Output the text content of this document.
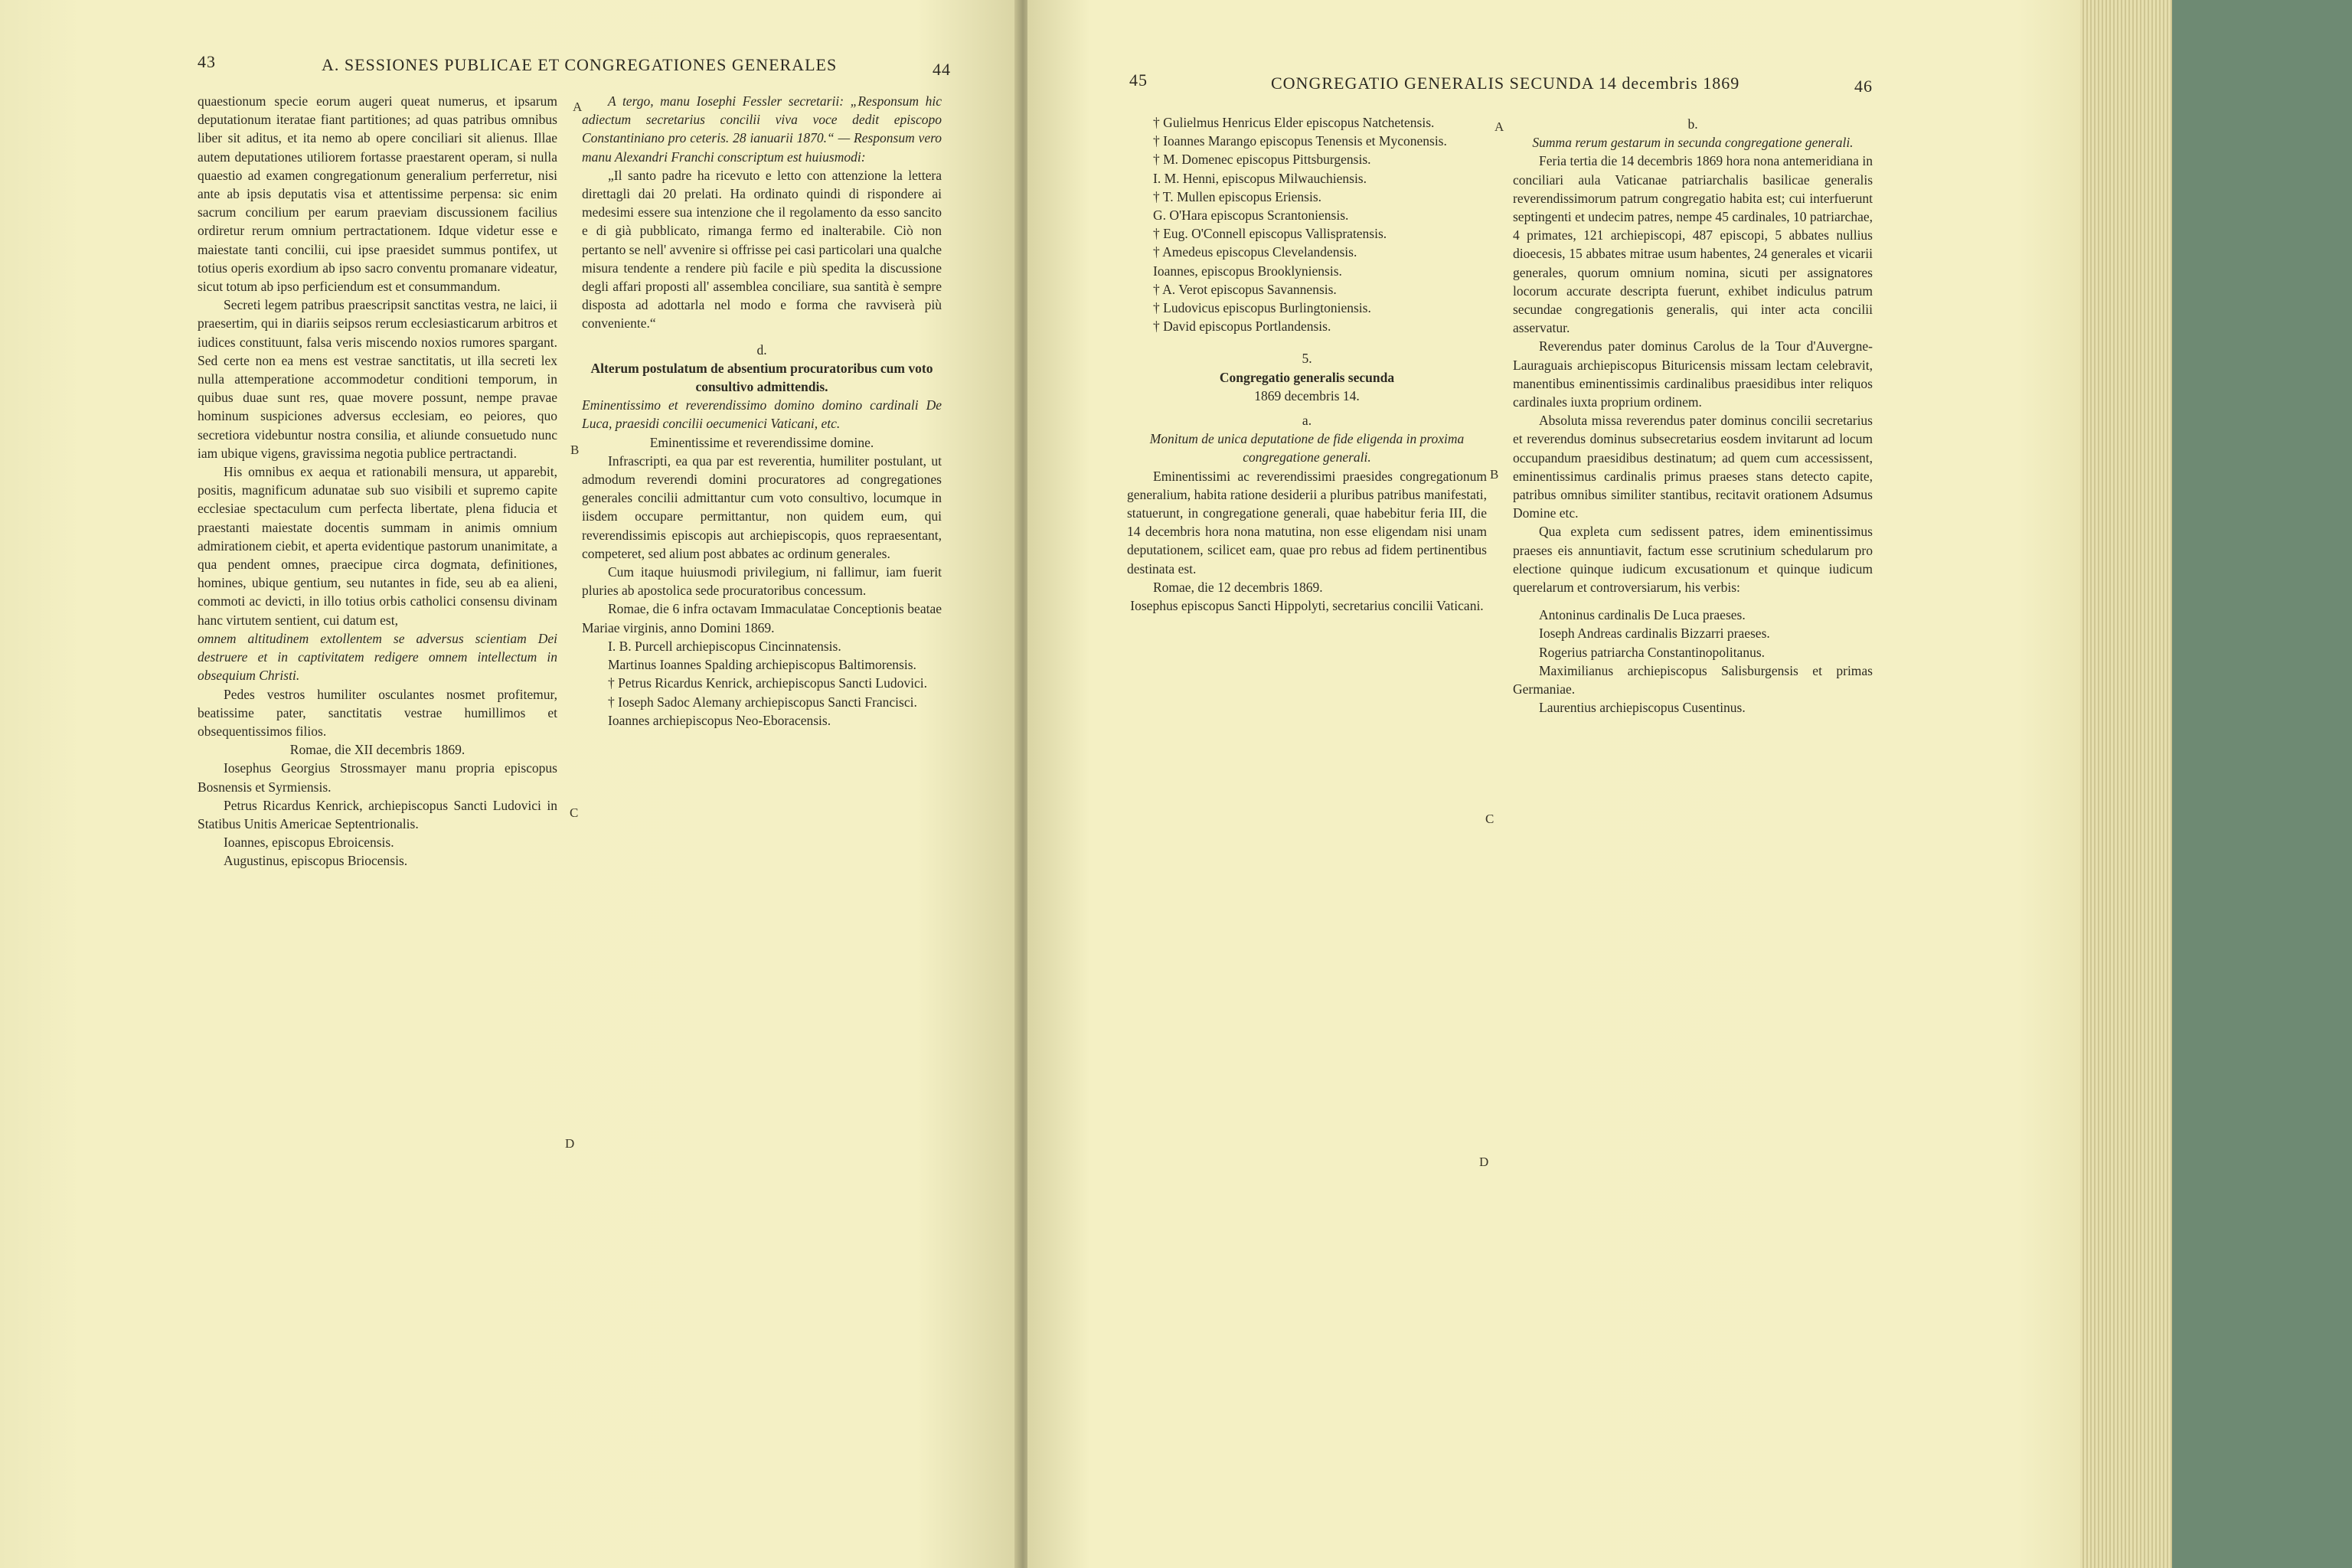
43	A. SESSIONES PUBLICAE ET CONGREGATIONES GENERALES	44

quaestionum specie eorum augeri queat numerus, et ipsarum deputationum iteratae fiant partitiones; ad quas patribus omnibus liber sit aditus, et ita nemo ab opere conciliari sit alienus. Illae autem deputationes utiliorem fortasse praestarent operam, si nulla quaestio ad examen congregationum generalium perferretur, nisi ante ab ipsis deputatis visa et attentissime perpensa: sic enim sacrum concilium per earum praeviam discussionem facilius ordiretur rerum omnium pertractationem. Idque videtur esse e maiestate tanti concilii, cui ipse praesidet summus pontifex, ut totius operis exordium ab ipso sacro conventu promanare videatur, sicut totum ab ipso perficiendum est et consummandum.

Secreti legem patribus praescripsit sanctitas vestra, ne laici, ii praesertim, qui in diariis seipsos rerum ecclesiasticarum arbitros et iudices constituunt, falsa veris miscendo noxios rumores spargant. Sed certe non ea mens est vestrae sanctitatis, ut illa secreti lex nulla attemperatione accommodetur conditioni temporum, in quibus duae sunt res, quae movere possunt, nempe pravae hominum suspiciones adversus ecclesiam, eo peiores, quo secretiora videbuntur nostra consilia, et aliunde consuetudo nunc iam ubique vigens, gravissima negotia publice pertractandi.

His omnibus ex aequa et rationabili mensura, ut apparebit, positis, magnificum adunatae sub suo visibili et supremo capite ecclesiae spectaculum cum perfecta libertate, plena fiducia et praestanti maiestate docentis summam in animis omnium admirationem ciebit, et aperta evidentique pastorum unanimitate, a qua pendent omnes, praecipue circa dogmata, definitiones, homines, ubique gentium, seu nutantes in fide, seu ab ea alieni, commoti ac devicti, in illo totius orbis catholici consensu divinam hanc virtutem sentient, cui datum est,

omnem altitudinem extollentem se adversus scientiam Dei destruere et in captivitatem redigere omnem intellectum in obsequium Christi.

Pedes vestros humiliter osculantes nosmet profitemur, beatissime pater, sanctitatis vestrae humillimos et obsequentissimos filios.

Romae, die XII decembris 1869.

Iosephus Georgius Strossmayer manu propria episcopus Bosnensis et Syrmiensis.

Petrus Ricardus Kenrick, archiepiscopus Sancti Ludovici in Statibus Unitis Americae Septentrionalis.

Ioannes, episcopus Ebroicensis.

Augustinus, episcopus Briocensis.

A
B
C
D

A tergo, manu Iosephi Fessler secretarii: „Responsum hic adiectum secretarius concilii viva voce dedit episcopo Constantiniano pro ceteris. 28 ianuarii 1870.“ — Responsum vero manu Alexandri Franchi conscriptum est huiusmodi:

„Il santo padre ha ricevuto e letto con attenzione la lettera direttagli dai 20 prelati. Ha ordinato quindi di rispondere ai medesimi essere sua intenzione che il regolamento da esso sancito e di già pubblicato, rimanga fermo ed inalterabile. Ciò non pertanto se nell' avvenire si offrisse pei casi particolari una qualche misura tendente a rendere più facile e più spedita la discussione degli affari proposti all' assemblea conciliare, sua santità è sempre disposta ad adottarla nel modo e forma che ravviserà più conveniente.“

d.

Alterum postulatum de absentium procuratoribus cum voto consultivo admittendis.

Eminentissimo et reverendissimo domino domino cardinali De Luca, praesidi concilii oecumenici Vaticani, etc.

Eminentissime et reverendissime domine.

Infrascripti, ea qua par est reverentia, humiliter postulant, ut admodum reverendi domini procuratores ad congregationes generales concilii admittantur cum voto consultivo, locumque in iisdem occupare permittantur, non quidem eum, qui reverendissimis episcopis aut archiepiscopis, quos repraesentant, competeret, sed alium post abbates ac ordinum generales.

Cum itaque huiusmodi privilegium, ni fallimur, iam fuerit pluries ab apostolica sede procuratoribus concessum.

Romae, die 6 infra octavam Immaculatae Conceptionis beatae Mariae virginis, anno Domini 1869.

I. B. Purcell archiepiscopus Cincinnatensis.

Martinus Ioannes Spalding archiepiscopus Baltimorensis.

† Petrus Ricardus Kenrick, archiepiscopus Sancti Ludovici.

† Ioseph Sadoc Alemany archiepiscopus Sancti Francisci.

Ioannes archiepiscopus Neo-Eboracensis.

45	CONGREGATIO GENERALIS SECUNDA 14 decembris 1869	46

† Gulielmus Henricus Elder episcopus Natchetensis.

† Ioannes Marango episcopus Tenensis et Myconensis.

† M. Domenec episcopus Pittsburgensis.

I. M. Henni, episcopus Milwauchiensis.

† T. Mullen episcopus Eriensis.

G. O'Hara episcopus Scrantoniensis.

† Eug. O'Connell episcopus Vallispratensis.

† Amedeus episcopus Clevelandensis.

Ioannes, episcopus Brooklyniensis.

† A. Verot episcopus Savannensis.

† Ludovicus episcopus Burlingtoniensis.

† David episcopus Portlandensis.

5.

Congregatio generalis secunda

1869 decembris 14.

a.

Monitum de unica deputatione de fide eligenda in proxima congregatione generali.

Eminentissimi ac reverendissimi praesides congregationum generalium, habita ratione desiderii a pluribus patribus manifestati, statuerunt, in congregatione generali, quae habebitur feria III, die 14 decembris hora nona matutina, non esse eligendam nisi unam deputationem, scilicet eam, quae pro rebus ad fidem pertinentibus destinata est.

Romae, die 12 decembris 1869.

Iosephus episcopus Sancti Hippolyti, secretarius concilii Vaticani.

A
B
C
D

b.

Summa rerum gestarum in secunda congregatione generali.

Feria tertia die 14 decembris 1869 hora nona antemeridiana in conciliari aula Vaticanae patriarchalis basilicae generalis reverendissimorum patrum congregatio habita est; cui interfuerunt septingenti et undecim patres, nempe 45 cardinales, 10 patriarchae, 4 primates, 121 archiepiscopi, 487 episcopi, 5 abbates nullius dioecesis, 15 abbates mitrae usum habentes, 24 generales et vicarii generales, quorum omnium nomina, sicuti per assignatores locorum accurate descripta fuerunt, exhibet indiculus patrum secundae congregationis generalis, qui inter acta concilii asservatur.

Reverendus pater dominus Carolus de la Tour d'Auvergne-Lauraguais archiepiscopus Bituricensis missam lectam celebravit, manentibus eminentissimis cardinalibus praesidibus inter reliquos cardinales iuxta proprium ordinem.

Absoluta missa reverendus pater dominus concilii secretarius et reverendus dominus subsecretarius eosdem invitarunt ad locum occupandum praesidibus destinatum; ad quem cum accessissent, eminentissimus cardinalis primus praeses stans detecto capite, patribus omnibus similiter stantibus, recitavit orationem Adsumus Domine etc.

Qua expleta cum sedissent patres, idem eminentissimus praeses eis annuntiavit, factum esse scrutinium schedularum pro electione quinque iudicum excusationum et quinque iudicum querelarum et controversiarum, his verbis:

Antoninus cardinalis De Luca praeses.

Ioseph Andreas cardinalis Bizzarri praeses.

Rogerius patriarcha Constantinopolitanus.

Maximilianus archiepiscopus Salisburgensis et primas Germaniae.

Laurentius archiepiscopus Cusentinus.
